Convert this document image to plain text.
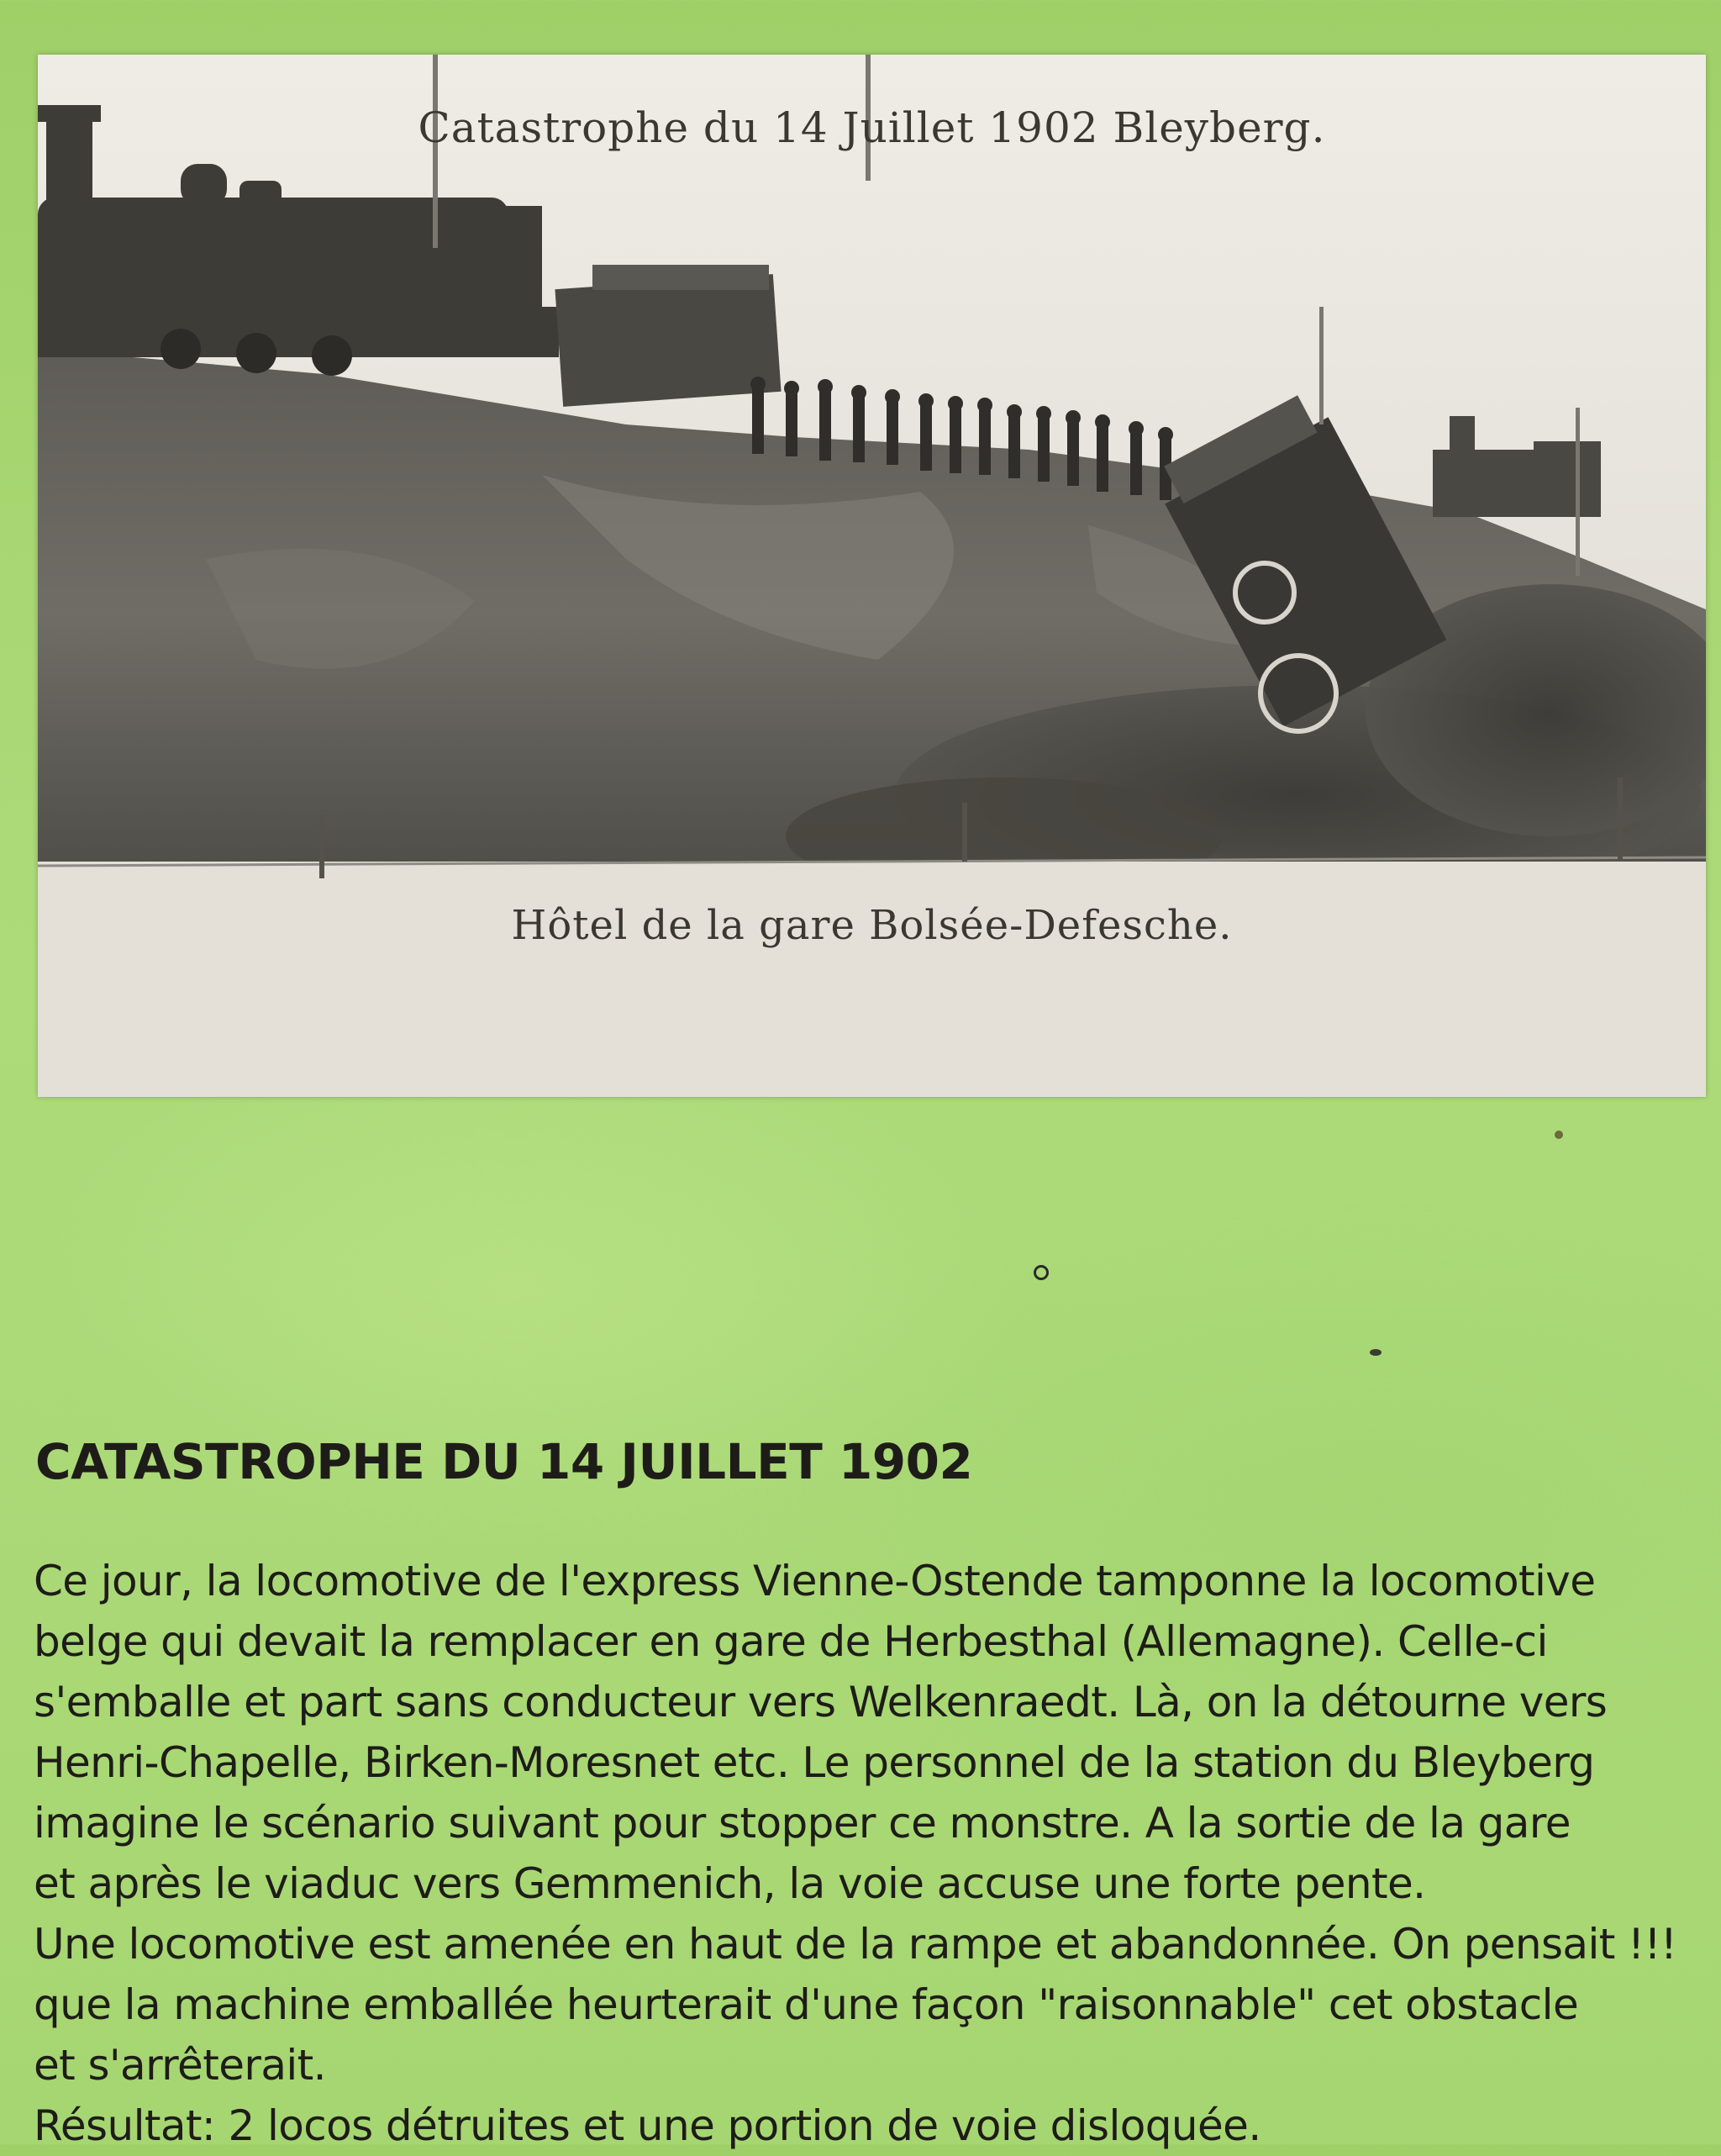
Catastrophe du 14 Juillet 1902 Bleyberg.
Hôtel de la gare Bolsée-Defesche.
CATASTROPHE DU 14 JUILLET 1902
Ce jour, la locomotive de l'express Vienne-Ostende tamponne la locomotive
belge qui devait la remplacer en gare de Herbesthal (Allemagne). Celle-ci
s'emballe et part sans conducteur vers Welkenraedt. Là, on la détourne vers
Henri-Chapelle, Birken-Moresnet etc. Le personnel de la station du Bleyberg
imagine le scénario suivant pour stopper ce monstre. A la sortie de la gare
et après le viaduc vers Gemmenich, la voie accuse une forte pente.
Une locomotive est amenée en haut de la rampe et abandonnée. On pensait !!!
que la machine emballée heurterait d'une façon "raisonnable" cet obstacle
et s'arrêterait.
Résultat: 2 locos détruites et une portion de voie disloquée.
